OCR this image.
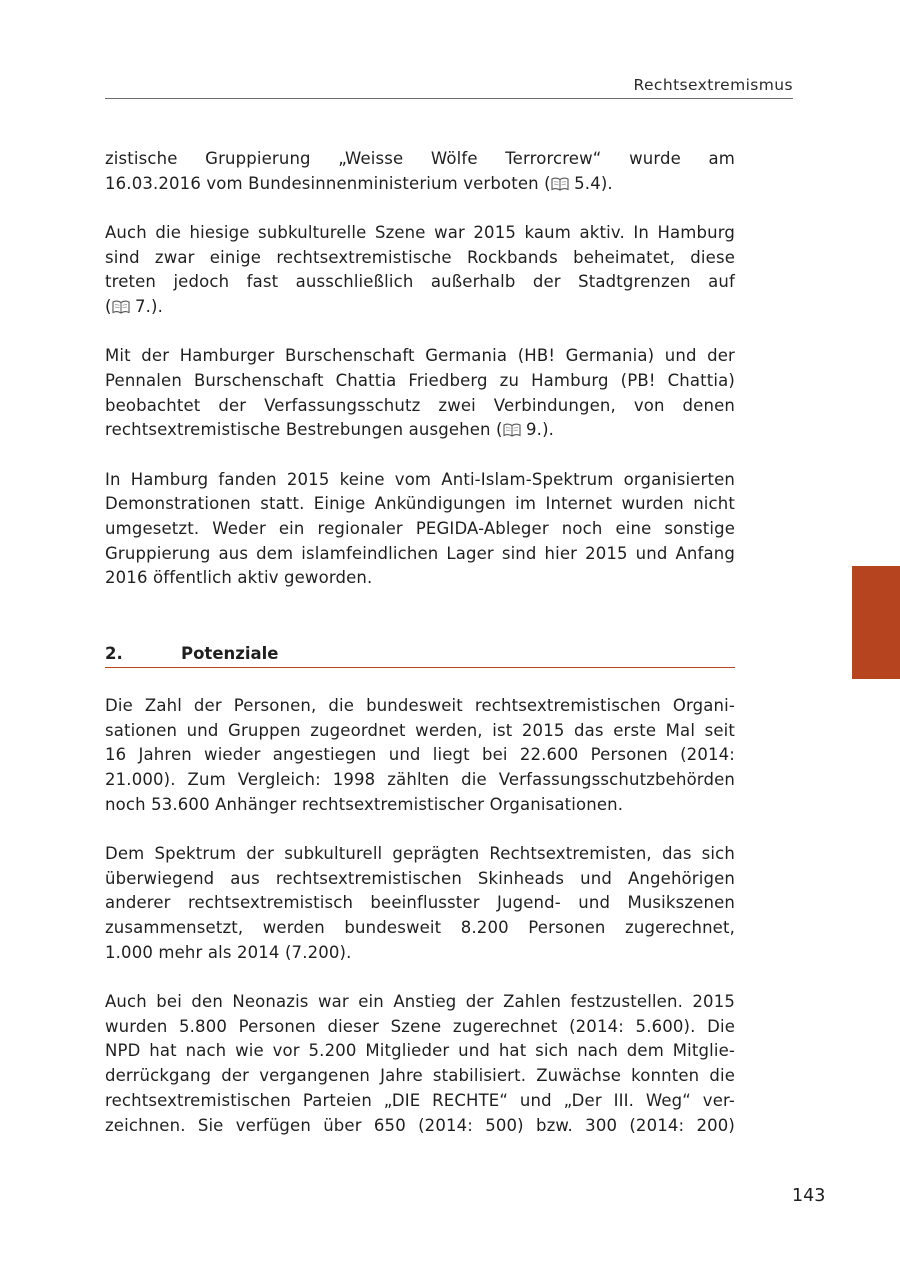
Rechtsextremismus

zistische Gruppierung „Weisse Wölfe Terrorcrew“ wurde am
16.03.2016 vom Bundesinnenministerium verboten ( 5.4).

Auch die hiesige subkulturelle Szene war 2015 kaum aktiv. In Hamburg
sind zwar einige rechtsextremistische Rockbands beheimatet, diese
treten jedoch fast ausschließlich außerhalb der Stadtgrenzen auf
( 7.).

Mit der Hamburger Burschenschaft Germania (HB! Germania) und der
Pennalen Burschenschaft Chattia Friedberg zu Hamburg (PB! Chattia)
beobachtet der Verfassungsschutz zwei Verbindungen, von denen
rechtsextremistische Bestrebungen ausgehen ( 9.).

In Hamburg fanden 2015 keine vom Anti-Islam-Spektrum organisierten
Demonstrationen statt. Einige Ankündigungen im Internet wurden nicht
umgesetzt. Weder ein regionaler PEGIDA-Ableger noch eine sonstige
Gruppierung aus dem islamfeindlichen Lager sind hier 2015 und Anfang
2016 öffentlich aktiv geworden.

2.	Potenziale

Die Zahl der Personen, die bundesweit rechtsextremistischen Organi-
sationen und Gruppen zugeordnet werden, ist 2015 das erste Mal seit
16 Jahren wieder angestiegen und liegt bei 22.600 Personen (2014:
21.000). Zum Vergleich: 1998 zählten die Verfassungsschutzbehörden
noch 53.600 Anhänger rechtsextremistischer Organisationen.

Dem Spektrum der subkulturell geprägten Rechtsextremisten, das sich
überwiegend aus rechtsextremistischen Skinheads und Angehörigen
anderer rechtsextremistisch beeinflusster Jugend- und Musikszenen
zusammensetzt, werden bundesweit 8.200 Personen zugerechnet,
1.000 mehr als 2014 (7.200).

Auch bei den Neonazis war ein Anstieg der Zahlen festzustellen. 2015
wurden 5.800 Personen dieser Szene zugerechnet (2014: 5.600). Die
NPD hat nach wie vor 5.200 Mitglieder und hat sich nach dem Mitglie-
derrückgang der vergangenen Jahre stabilisiert. Zuwächse konnten die
rechtsextremistischen Parteien „DIE RECHTE“ und „Der III. Weg“ ver-
zeichnen. Sie verfügen über 650 (2014: 500) bzw. 300 (2014: 200)

143
